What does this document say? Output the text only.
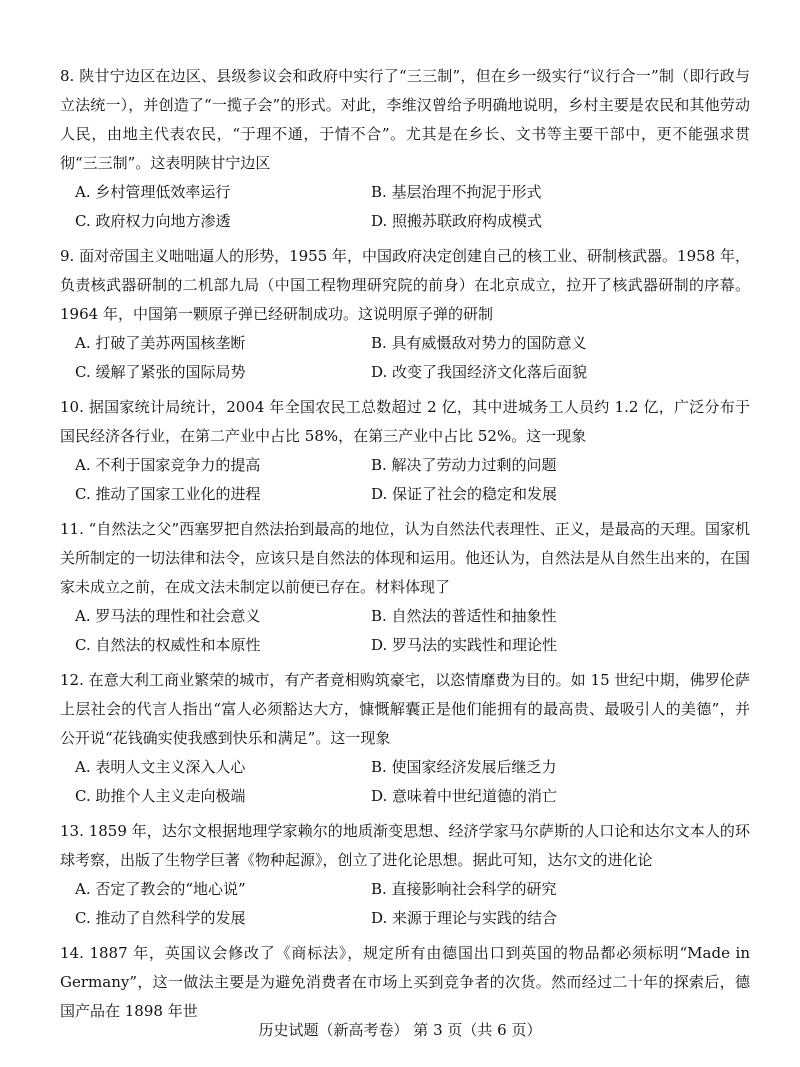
8. 陕甘宁边区在边区、县级参议会和政府中实行了“三三制”，但在乡一级实行“议行合一”制（即行政与立法统一），并创造了“一揽子会”的形式。对此，李维汉曾给予明确地说明，乡村主要是农民和其他劳动人民，由地主代表农民，“于理不通，于情不合”。尤其是在乡长、文书等主要干部中，更不能强求贯彻“三三制”。这表明陕甘宁边区
A. 乡村管理低效率运行	B. 基层治理不拘泥于形式
C. 政府权力向地方渗透	D. 照搬苏联政府构成模式
9. 面对帝国主义咄咄逼人的形势，1955 年，中国政府决定创建自己的核工业、研制核武器。1958 年，负责核武器研制的二机部九局（中国工程物理研究院的前身）在北京成立，拉开了核武器研制的序幕。1964 年，中国第一颗原子弹已经研制成功。这说明原子弹的研制
A. 打破了美苏两国核垄断	B. 具有威慑敌对势力的国防意义
C. 缓解了紧张的国际局势	D. 改变了我国经济文化落后面貌
10. 据国家统计局统计，2004 年全国农民工总数超过 2 亿，其中进城务工人员约 1.2 亿，广泛分布于国民经济各行业，在第二产业中占比 58%，在第三产业中占比 52%。这一现象
A. 不利于国家竞争力的提高	B. 解决了劳动力过剩的问题
C. 推动了国家工业化的进程	D. 保证了社会的稳定和发展
11. “自然法之父”西塞罗把自然法抬到最高的地位，认为自然法代表理性、正义，是最高的天理。国家机关所制定的一切法律和法令，应该只是自然法的体现和运用。他还认为，自然法是从自然生出来的，在国家未成立之前，在成文法未制定以前便已存在。材料体现了
A. 罗马法的理性和社会意义	B. 自然法的普适性和抽象性
C. 自然法的权威性和本原性	D. 罗马法的实践性和理论性
12. 在意大利工商业繁荣的城市，有产者竟相购筑豪宅，以恣情靡费为目的。如 15 世纪中期，佛罗伦萨上层社会的代言人指出“富人必须豁达大方，慷慨解囊正是他们能拥有的最高贵、最吸引人的美德”，并公开说“花钱确实使我感到快乐和满足”。这一现象
A. 表明人文主义深入人心	B. 使国家经济发展后继乏力
C. 助推个人主义走向极端	D. 意味着中世纪道德的消亡
13. 1859 年，达尔文根据地理学家赖尔的地质渐变思想、经济学家马尔萨斯的人口论和达尔文本人的环球考察，出版了生物学巨著《物种起源》，创立了进化论思想。据此可知，达尔文的进化论
A. 否定了教会的“地心说”	B. 直接影响社会科学的研究
C. 推动了自然科学的发展	D. 来源于理论与实践的结合
14. 1887 年，英国议会修改了《商标法》，规定所有由德国出口到英国的物品都必须标明“Made in Germany”，这一做法主要是为避免消费者在市场上买到竞争者的次货。然而经过二十年的探索后，德国产品在 1898 年世
历史试题（新高考卷） 第 3 页（共 6 页）
